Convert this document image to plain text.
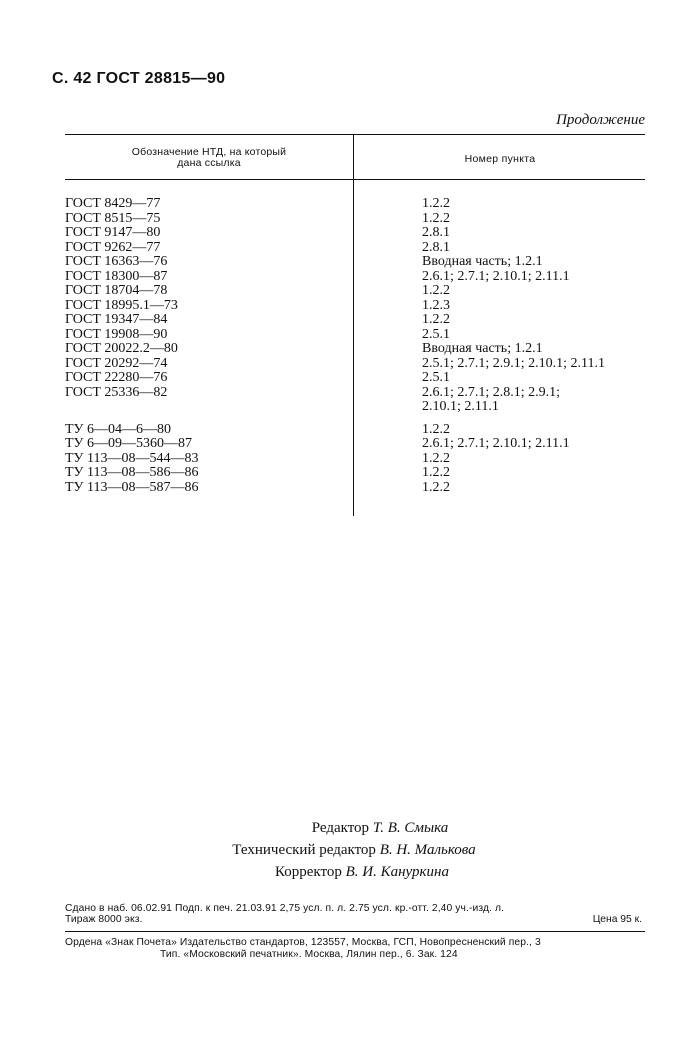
С. 42 ГОСТ 28815—90
Продолжение
Обозначение НТД, на который
дана ссылка	Номер пункта
ГОСТ 8429—77
ГОСТ 8515—75
ГОСТ 9147—80
ГОСТ 9262—77
ГОСТ 16363—76
ГОСТ 18300—87
ГОСТ 18704—78
ГОСТ 18995.1—73
ГОСТ 19347—84
ГОСТ 19908—90
ГОСТ 20022.2—80
ГОСТ 20292—74
ГОСТ 22280—76
ГОСТ 25336—82

ТУ 6—04—6—80
ТУ 6—09—5360—87
ТУ 113—08—544—83
ТУ 113—08—586—86
ТУ 113—08—587—86
1.2.2
1.2.2
2.8.1
2.8.1
Вводная часть; 1.2.1
2.6.1; 2.7.1; 2.10.1; 2.11.1
1.2.2
1.2.3
1.2.2
2.5.1
Вводная часть; 1.2.1
2.5.1; 2.7.1; 2.9.1; 2.10.1; 2.11.1
2.5.1
2.6.1; 2.7.1; 2.8.1; 2.9.1;
2.10.1; 2.11.1
1.2.2
2.6.1; 2.7.1; 2.10.1; 2.11.1
1.2.2
1.2.2
1.2.2
Редактор Т. В. Смыка
Технический редактор В. Н. Малькова
Корректор В. И. Кануркина
Сдано в наб. 06.02.91 Подп. к печ. 21.03.91 2,75 усл. п. л. 2.75 усл. кр.-отт. 2,40 уч.-изд. л.
Тираж 8000 экз.	Цена 95 к.
Ордена «Знак Почета» Издательство стандартов, 123557, Москва, ГСП, Новопресненский пер., 3
Тип. «Московский печатник». Москва, Лялин пер., 6. Зак. 124
